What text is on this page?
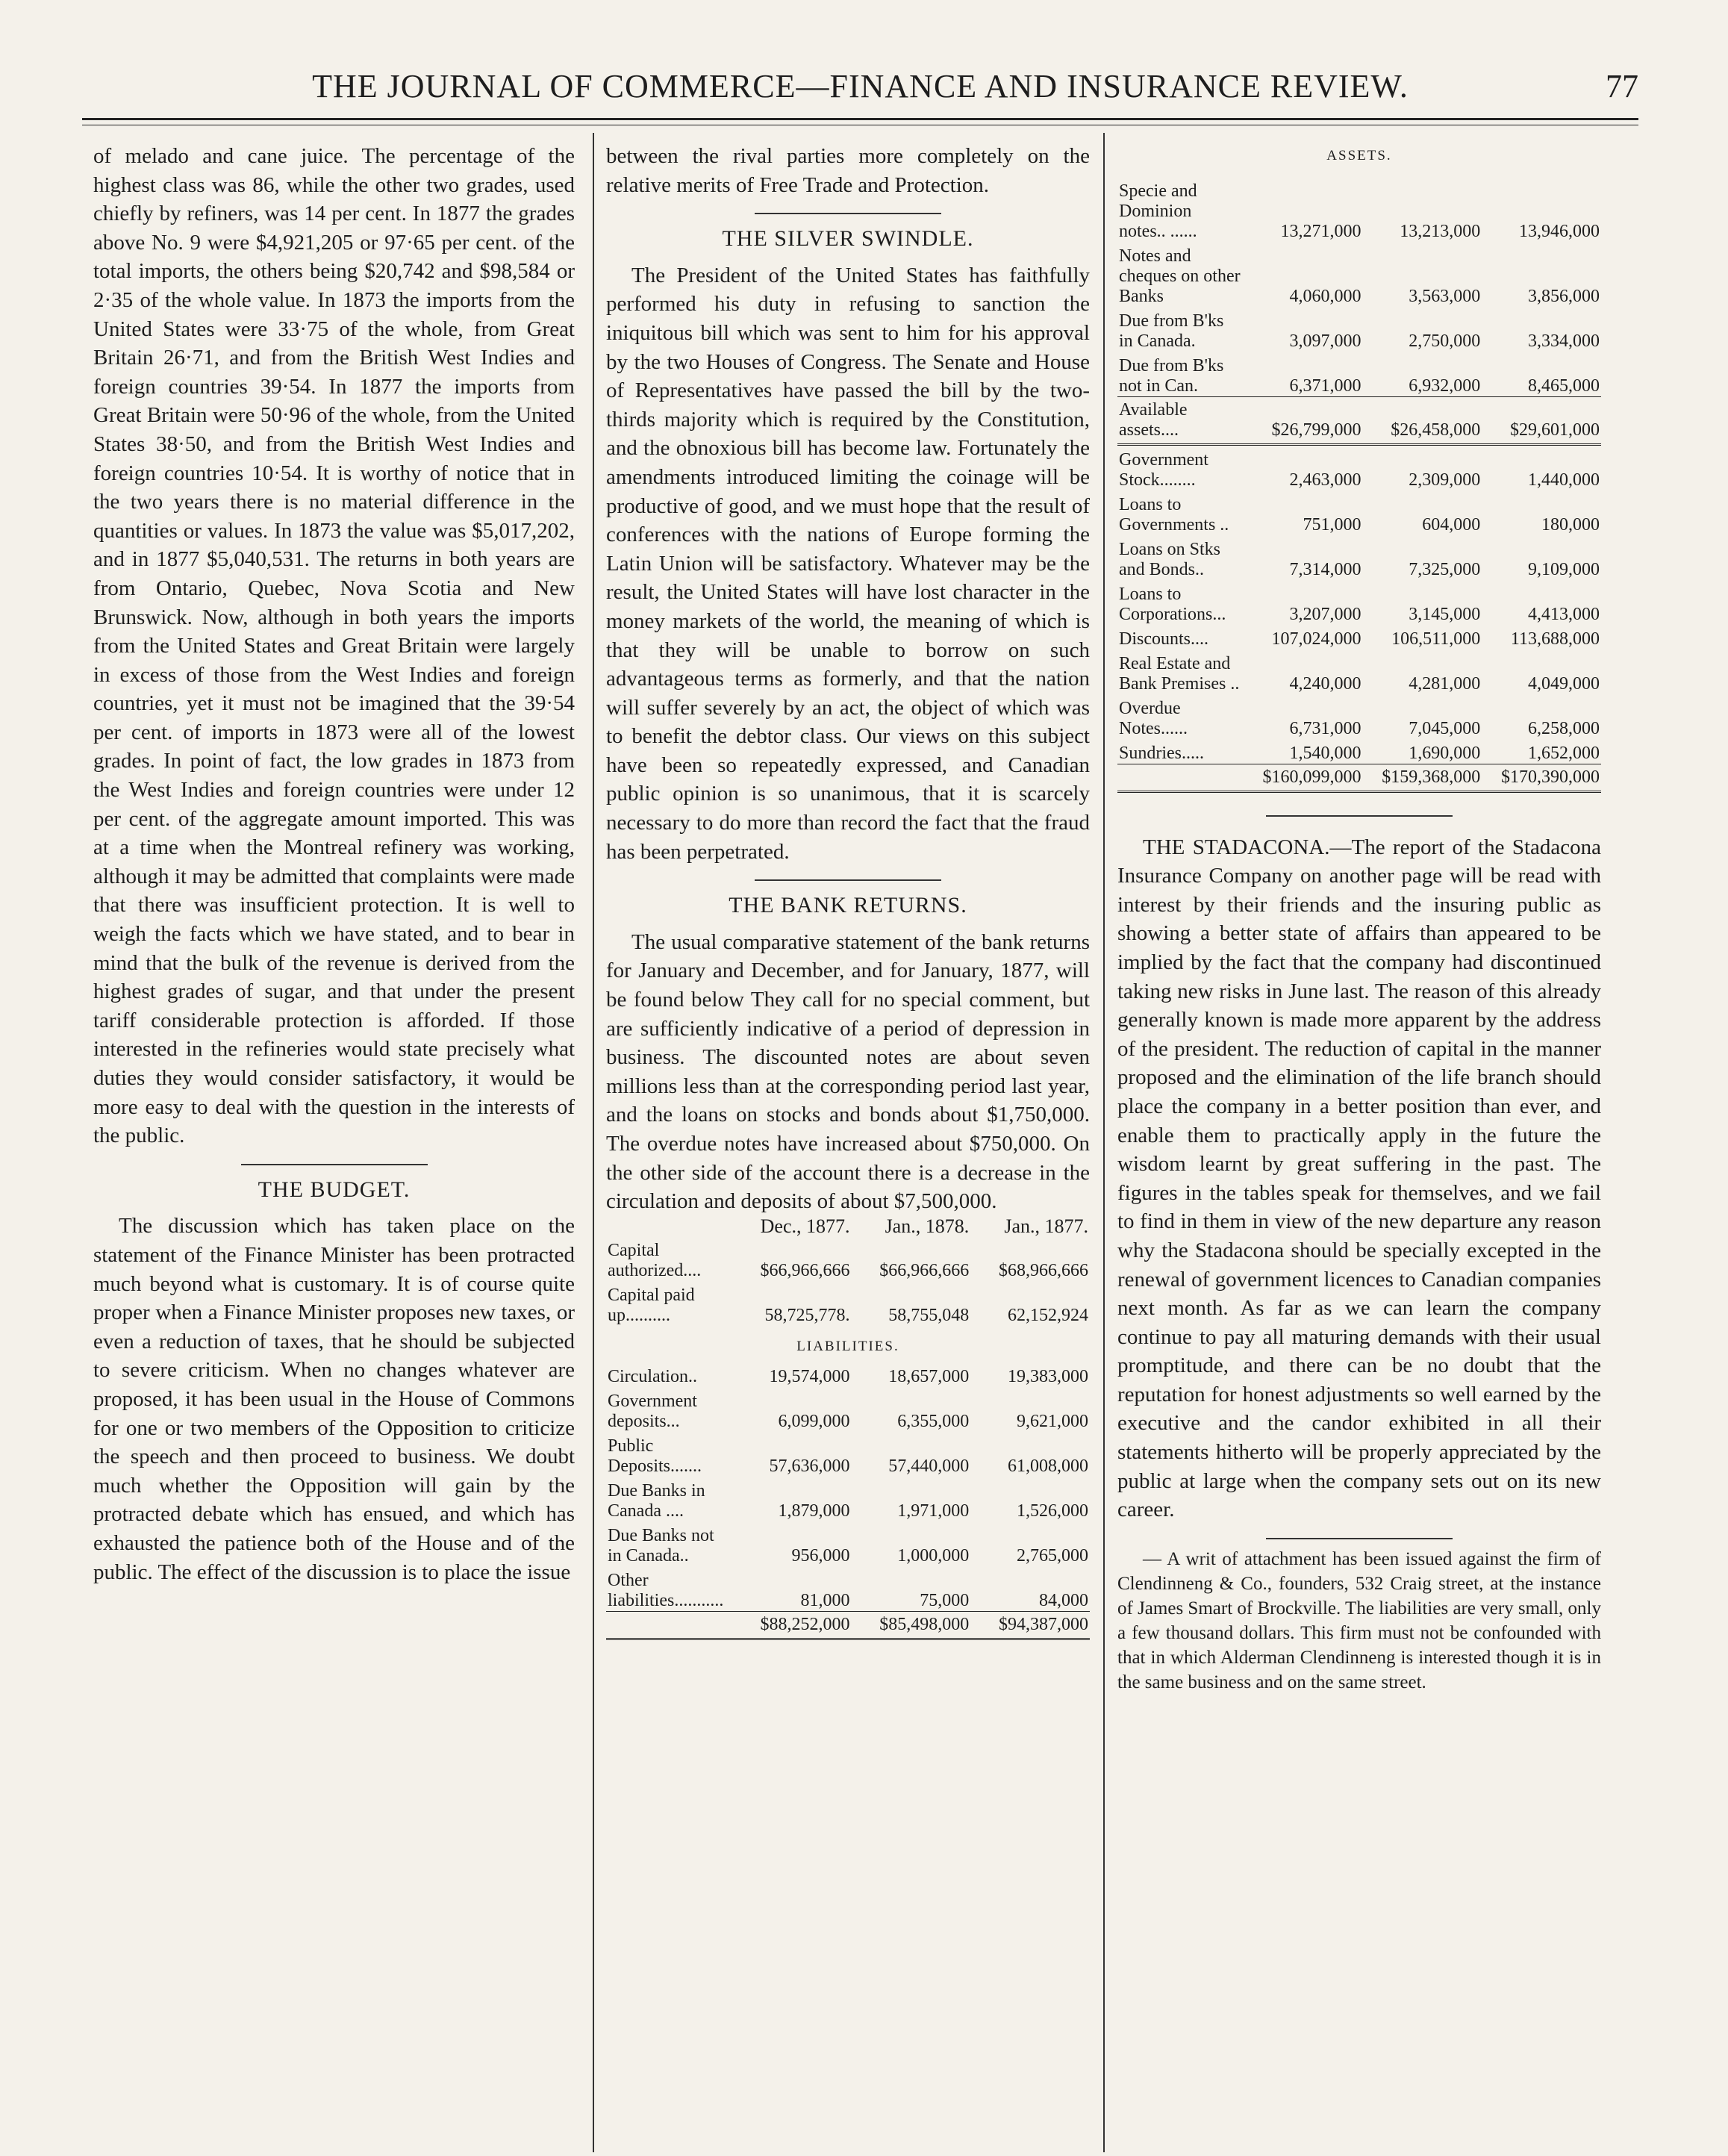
THE JOURNAL OF COMMERCE—FINANCE AND INSURANCE REVIEW.	77

of melado and cane juice. The percentage of the highest class was 86, while the other two grades, used chiefly by refiners, was 14 per cent. In 1877 the grades above No. 9 were $4,921,205 or 97·65 per cent. of the total imports, the others being $20,742 and $98,584 or 2·35 of the whole value. In 1873 the imports from the United States were 33·75 of the whole, from Great Britain 26·71, and from the British West Indies and foreign countries 39·54. In 1877 the imports from Great Britain were 50·96 of the whole, from the United States 38·50, and from the British West Indies and foreign countries 10·54. It is worthy of notice that in the two years there is no material difference in the quantities or values. In 1873 the value was $5,017,202, and in 1877 $5,040,531. The returns in both years are from Ontario, Quebec, Nova Scotia and New Brunswick. Now, although in both years the imports from the United States and Great Britain were largely in excess of those from the West Indies and foreign countries, yet it must not be imagined that the 39·54 per cent. of imports in 1873 were all of the lowest grades. In point of fact, the low grades in 1873 from the West Indies and foreign countries were under 12 per cent. of the aggregate amount imported. This was at a time when the Montreal refinery was working, although it may be admitted that complaints were made that there was insufficient protection. It is well to weigh the facts which we have stated, and to bear in mind that the bulk of the revenue is derived from the highest grades of sugar, and that under the present tariff considerable protection is afforded. If those interested in the refineries would state precisely what duties they would consider satisfactory, it would be more easy to deal with the question in the interests of the public.

THE BUDGET.

The discussion which has taken place on the statement of the Finance Minister has been protracted much beyond what is customary. It is of course quite proper when a Finance Minister proposes new taxes, or even a reduction of taxes, that he should be subjected to severe criticism. When no changes whatever are proposed, it has been usual in the House of Commons for one or two members of the Opposition to criticize the speech and then proceed to business. We doubt much whether the Opposition will gain by the protracted debate which has ensued, and which has exhausted the patience both of the House and of the public. The effect of the discussion is to place the issue

between the rival parties more completely on the relative merits of Free Trade and Protection.

THE SILVER SWINDLE.

The President of the United States has faithfully performed his duty in refusing to sanction the iniquitous bill which was sent to him for his approval by the two Houses of Congress. The Senate and House of Representatives have passed the bill by the two-thirds majority which is required by the Constitution, and the obnoxious bill has become law. Fortunately the amendments introduced limiting the coinage will be productive of good, and we must hope that the result of conferences with the nations of Europe forming the Latin Union will be satisfactory. Whatever may be the result, the United States will have lost character in the money markets of the world, the meaning of which is that they will be unable to borrow on such advantageous terms as formerly, and that the nation will suffer severely by an act, the object of which was to benefit the debtor class. Our views on this subject have been so repeatedly expressed, and Canadian public opinion is so unanimous, that it is scarcely necessary to do more than record the fact that the fraud has been perpetrated.

THE BANK RETURNS.

The usual comparative statement of the bank returns for January and December, and for January, 1877, will be found below They call for no special comment, but are sufficiently indicative of a period of depression in business. The discounted notes are about seven millions less than at the corresponding period last year, and the loans on stocks and bonds about $1,750,000. The overdue notes have increased about $750,000. On the other side of the account there is a decrease in the circulation and deposits of about $7,500,000.

	Dec., 1877.	Jan., 1878.	Jan., 1877.
Capital authorized....	$66,966,666	$66,966,666	$68,966,666
Capital paid up..........	58,725,778.	58,755,048	62,152,924

LIABILITIES.			

Circulation..	19,574,000	18,657,000	19,383,000
Government deposits...	6,099,000	6,355,000	9,621,000
Public Deposits.......	57,636,000	57,440,000	61,008,000
Due Banks in Canada ....	1,879,000	1,971,000	1,526,000
Due Banks not in Canada..	956,000	1,000,000	2,765,000
Other liabilities...........	81,000	75,000	84,000
	$88,252,000	$85,498,000	$94,387,000
ASSETS.
Specie and Dominion notes.. ......	13,271,000	13,213,000	13,946,000
Notes and cheques on other Banks	4,060,000	3,563,000	3,856,000
Due from B'ks in Canada.	3,097,000	2,750,000	3,334,000
Due from B'ks not in Can.	6,371,000	6,932,000	8,465,000
Available assets....	$26,799,000	$26,458,000	$29,601,000
Government Stock........	2,463,000	2,309,000	1,440,000
Loans to Governments ..	751,000	604,000	180,000
Loans on Stks and Bonds..	7,314,000	7,325,000	9,109,000
Loans to Corporations...	3,207,000	3,145,000	4,413,000
Discounts....	107,024,000	106,511,000	113,688,000
Real Estate and Bank Premises ..	4,240,000	4,281,000	4,049,000
Overdue Notes......	6,731,000	7,045,000	6,258,000
Sundries.....	1,540,000	1,690,000	1,652,000
	$160,099,000	$159,368,000	$170,390,000

THE STADACONA.—The report of the Stadacona Insurance Company on another page will be read with interest by their friends and the insuring public as showing a better state of affairs than appeared to be implied by the fact that the company had discontinued taking new risks in June last. The reason of this already generally known is made more apparent by the address of the president. The reduction of capital in the manner proposed and the elimination of the life branch should place the company in a better position than ever, and enable them to practically apply in the future the wisdom learnt by great suffering in the past. The figures in the tables speak for themselves, and we fail to find in them in view of the new departure any reason why the Stadacona should be specially excepted in the renewal of government licences to Canadian companies next month. As far as we can learn the company continue to pay all maturing demands with their usual promptitude, and there can be no doubt that the reputation for honest adjustments so well earned by the executive and the candor exhibited in all their statements hitherto will be properly appreciated by the public at large when the company sets out on its new career.

— A writ of attachment has been issued against the firm of Clendinneng & Co., founders, 532 Craig street, at the instance of James Smart of Brockville. The liabilities are very small, only a few thousand dollars. This firm must not be confounded with that in which Alderman Clendinneng is interested though it is in the same business and on the same street.
